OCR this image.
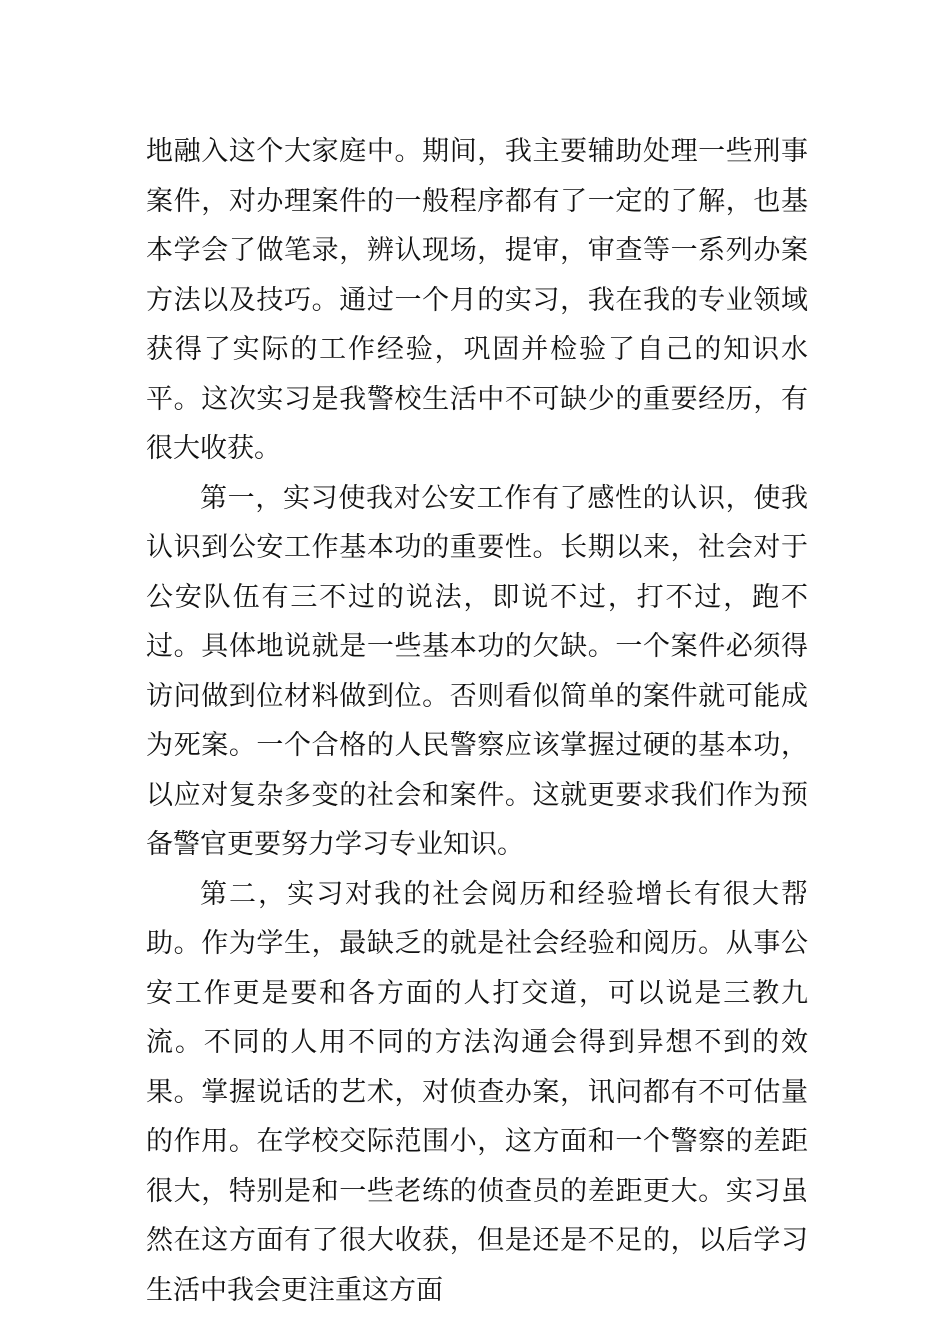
地融入这个大家庭中。期间，我主要辅助处理一些刑事案件，对办理案件的一般程序都有了一定的了解，也基本学会了做笔录，辨认现场，提审，审查等一系列办案方法以及技巧。通过一个月的实习，我在我的专业领域获得了实际的工作经验，巩固并检验了自己的知识水平。这次实习是我警校生活中不可缺少的重要经历，有很大收获。

第一，实习使我对公安工作有了感性的认识，使我认识到公安工作基本功的重要性。长期以来，社会对于公安队伍有三不过的说法，即说不过，打不过，跑不过。具体地说就是一些基本功的欠缺。一个案件必须得访问做到位材料做到位。否则看似简单的案件就可能成为死案。一个合格的人民警察应该掌握过硬的基本功，以应对复杂多变的社会和案件。这就更要求我们作为预备警官更要努力学习专业知识。

第二，实习对我的社会阅历和经验增长有很大帮助。作为学生，最缺乏的就是社会经验和阅历。从事公安工作更是要和各方面的人打交道，可以说是三教九流。不同的人用不同的方法沟通会得到异想不到的效果。掌握说话的艺术，对侦查办案，讯问都有不可估量的作用。在学校交际范围小，这方面和一个警察的差距很大，特别是和一些老练的侦查员的差距更大。实习虽然在这方面有了很大收获，但是还是不足的，以后学习生活中我会更注重这方面
